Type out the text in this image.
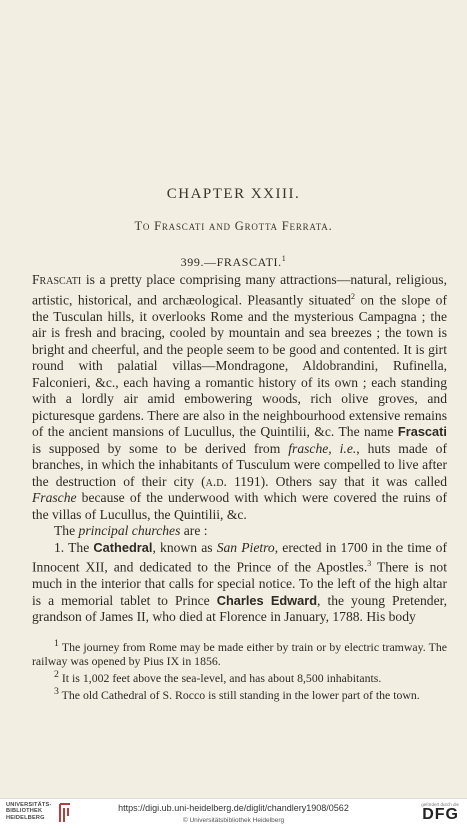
CHAPTER XXIII.
To Frascati and Grotta Ferrata.
399.—FRASCATI.$^1$

Frascati is a pretty place comprising many attractions—natural, religious, artistic, historical, and archæological. Pleasantly situated$^2$ on the slope of the Tusculan hills, it overlooks Rome and the mysterious Campagna ; the air is fresh and bracing, cooled by mountain and sea breezes ; the town is bright and cheerful, and the people seem to be good and contented. It is girt round with palatial villas—Mondragone, Aldobrandini, Rufinella, Falconieri, &c., each having a romantic history of its own ; each standing with a lordly air amid embowering woods, rich olive groves, and picturesque gardens. There are also in the neighbourhood extensive remains of the ancient mansions of Lucullus, the Quintilii, &c. The name Frascati is supposed by some to be derived from frasche, i.e., huts made of branches, in which the inhabitants of Tusculum were compelled to live after the destruction of their city (a.d. 1191). Others say that it was called Frasche because of the underwood with which were covered the ruins of the villas of Lucullus, the Quintilii, &c.

The principal churches are :

1. The Cathedral, known as San Pietro, erected in 1700 in the time of Innocent XII, and dedicated to the Prince of the Apostles.$^3$ There is not much in the interior that calls for special notice. To the left of the high altar is a memorial tablet to Prince Charles Edward, the young Pretender, grandson of James II, who died at Florence in January, 1788. His body

$^1$ The journey from Rome may be made either by train or by electric tramway. The railway was opened by Pius IX in 1856.

$^2$ It is 1,002 feet above the sea-level, and has about 8,500 inhabitants.

$^3$ The old Cathedral of S. Rocco is still standing in the lower part of the town.

UNIVERSITÄTS-
BIBLIOTHEK
HEIDELBERG
https://digi.ub.uni-heidelberg.de/diglit/chandlery1908/0562
© Universitätsbibliothek Heidelberg
gefördert durch die
DFG
